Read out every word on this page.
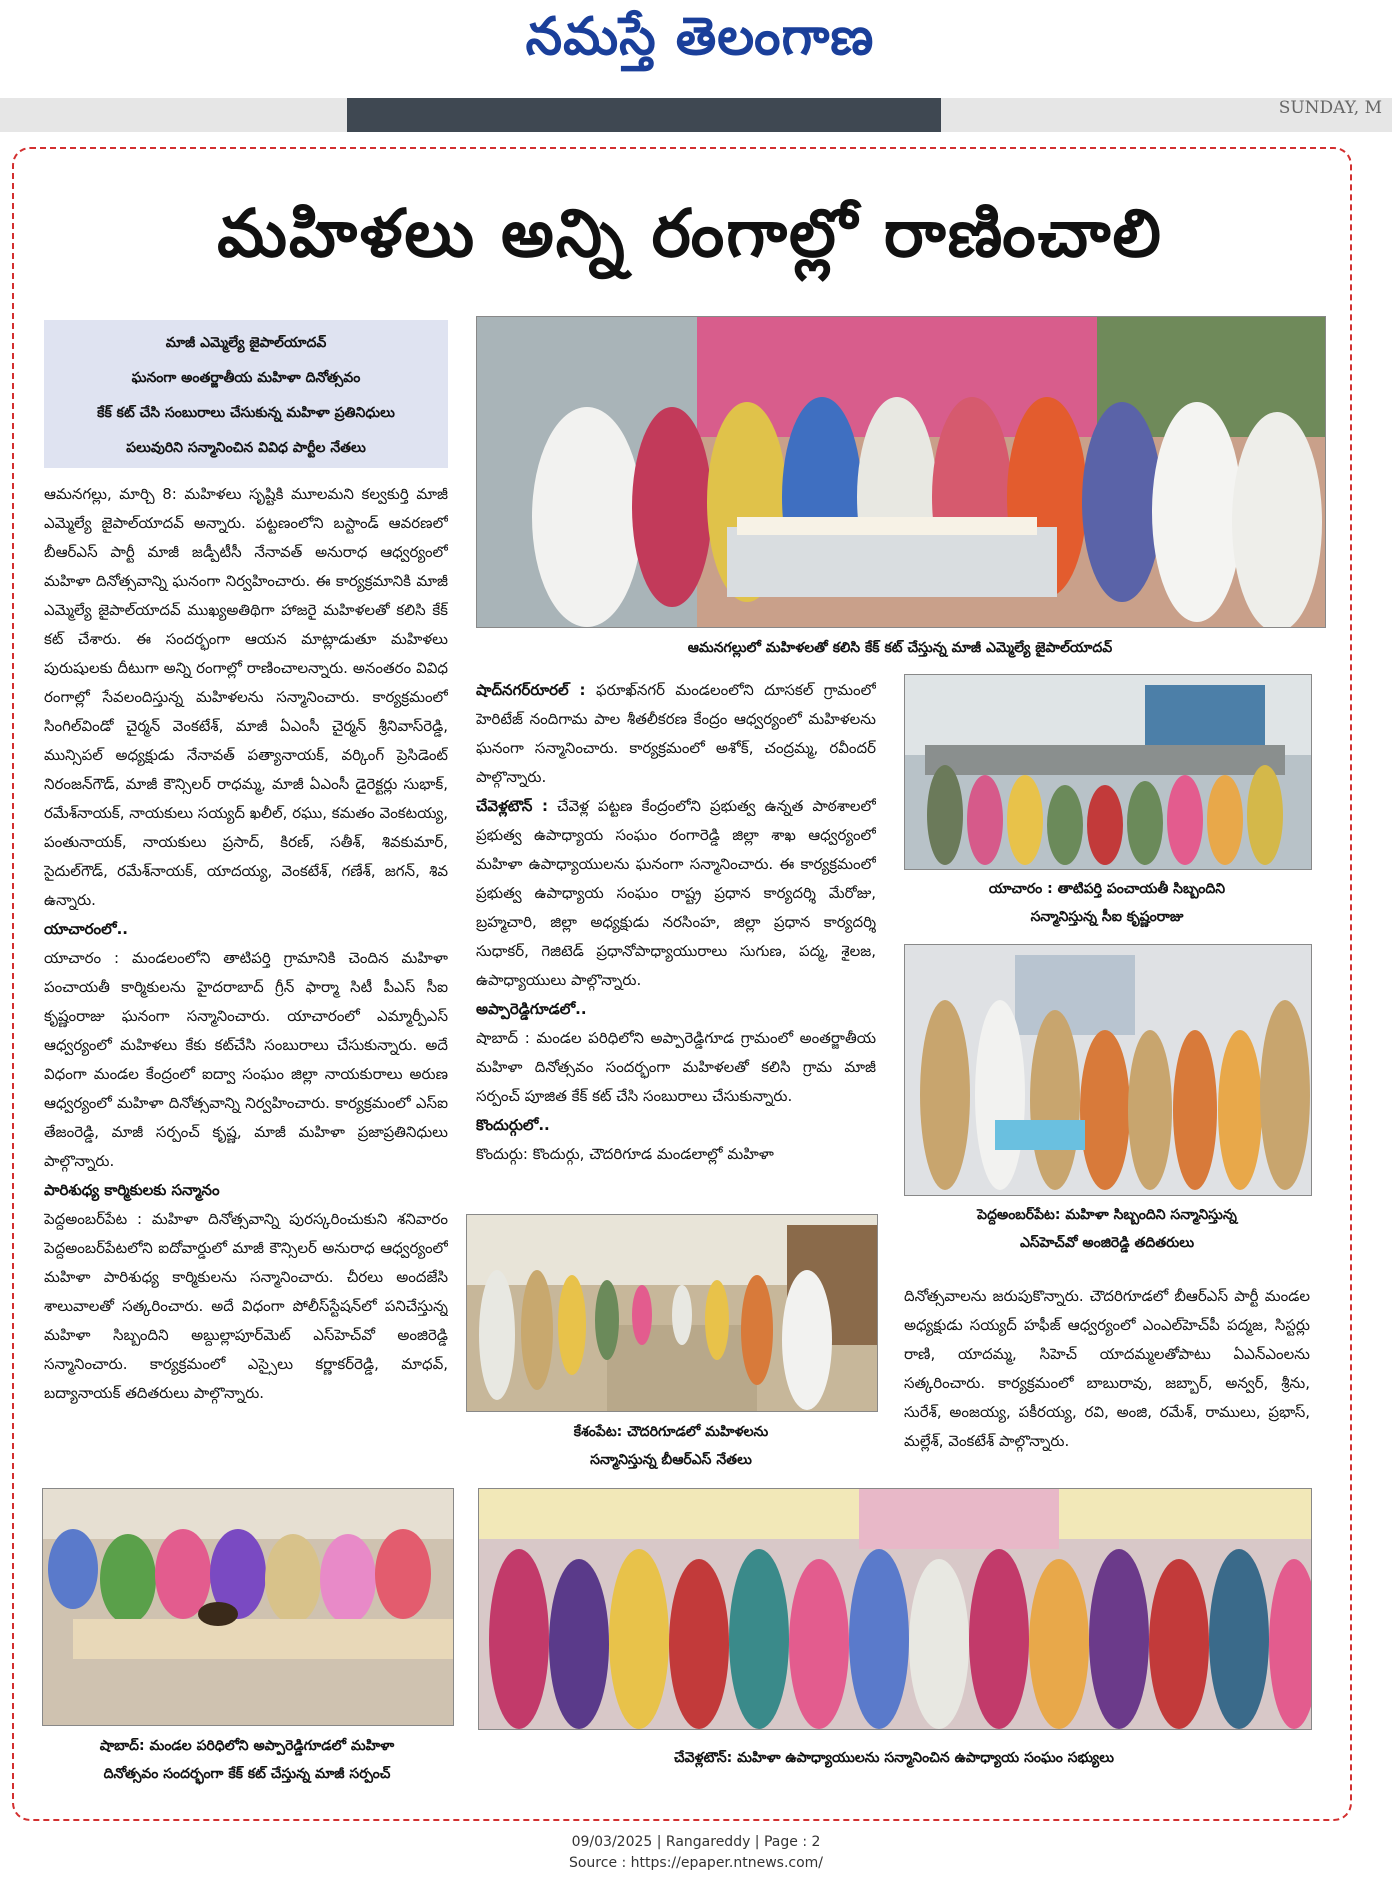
నమస్తే తెలంగాణ
SUNDAY, M
మహిళలు అన్ని రంగాల్లో రాణించాలి
మాజీ ఎమ్మెల్యే జైపాల్‌యాదవ్
ఘనంగా అంతర్జాతీయ మహిళా దినోత్సవం
కేక్ కట్ చేసి సంబురాలు చేసుకున్న మహిళా ప్రతినిధులు
పలువురిని సన్మానించిన వివిధ పార్టీల నేతలు

ఆమనగల్లు, మార్చి 8: మహిళలు సృష్టికి మూలమని కల్వకుర్తి మాజీ ఎమ్మెల్యే జైపాల్‌యాదవ్ అన్నారు. పట్టణంలోని బస్టాండ్ ఆవరణలో బీఆర్‌ఎస్ పార్టీ మాజీ జడ్పీటీసీ నేనావత్ అనురాధ ఆధ్వర్యంలో మహిళా దినోత్సవాన్ని ఘనంగా నిర్వహించారు. ఈ కార్యక్రమానికి మాజీ ఎమ్మెల్యే జైపాల్‌యాదవ్ ముఖ్యఅతిథిగా హాజరై మహిళలతో కలిసి కేక్ కట్ చేశారు. ఈ సందర్భంగా ఆయన మాట్లాడుతూ మహిళలు పురుషులకు దీటుగా అన్ని రంగాల్లో రాణించాలన్నారు. అనంతరం వివిధ రంగాల్లో సేవలందిస్తున్న మహిళలను సన్మానించారు. కార్యక్రమంలో సింగిల్‌విండో చైర్మన్ వెంకటేశ్, మాజీ ఏఎంసీ చైర్మన్ శ్రీనివాస్‌రెడ్డి, మున్సిపల్ అధ్యక్షుడు నేనావత్ పత్యానాయక్, వర్కింగ్ ప్రెసిడెంట్ నిరంజన్‌గౌడ్, మాజీ కౌన్సిలర్ రాధమ్మ, మాజీ ఏఎంసీ డైరెక్టర్లు సుభాక్, రమేశ్‌నాయక్, నాయకులు సయ్యద్ ఖలీల్, రఘు, కమతం వెంకటయ్య, పంతునాయక్, నాయకులు ప్రసాద్, కిరణ్, సతీశ్, శివకుమార్, సైదుల్‌గౌడ్, రమేశ్‌నాయక్, యాదయ్య, వెంకటేశ్, గణేశ్, జగన్, శివ ఉన్నారు.

యాచారంలో..

యాచారం : మండలంలోని తాటిపర్తి గ్రామానికి చెందిన మహిళా పంచాయతీ కార్మికులను హైదరాబాద్ గ్రీన్ ఫార్మా సిటీ పీఎస్ సీఐ కృష్ణంరాజు ఘనంగా సన్మానించారు. యాచారంలో ఎమ్మార్పీఎస్ ఆధ్వర్యంలో మహిళలు కేకు కట్‌చేసి సంబురాలు చేసుకున్నారు. అదే విధంగా మండల కేంద్రంలో ఐద్వా సంఘం జిల్లా నాయకురాలు అరుణ ఆధ్వర్యంలో మహిళా దినోత్సవాన్ని నిర్వహించారు. కార్యక్రమంలో ఎస్‌ఐ తేజంరెడ్డి, మాజీ సర్పంచ్ కృష్ణ, మాజీ మహిళా ప్రజాప్రతినిధులు పాల్గొన్నారు.

పారిశుధ్య కార్మికులకు సన్మానం

పెద్దఅంబర్‌పేట : మహిళా దినోత్సవాన్ని పురస్కరించుకుని శనివారం పెద్దఅంబర్‌పేటలోని ఐదోవార్డులో మాజీ కౌన్సిలర్ అనురాధ ఆధ్వర్యంలో మహిళా పారిశుధ్య కార్మికులను సన్మానించారు. చీరలు అందజేసి శాలువాలతో సత్కరించారు. అదే విధంగా పోలీస్‌స్టేషన్‌లో పనిచేస్తున్న మహిళా సిబ్బందిని అబ్దుల్లాపూర్‌మెట్ ఎస్‌హెచ్‌వో అంజిరెడ్డి సన్మానించారు. కార్యక్రమంలో ఎస్సైలు కర్ణాకర్‌రెడ్డి, మాధవ్, బద్యానాయక్ తదితరులు పాల్గొన్నారు.

ఆమనగల్లులో మహిళలతో కలిసి కేక్ కట్ చేస్తున్న మాజీ ఎమ్మెల్యే జైపాల్‌యాదవ్

షాద్‌నగర్‌రూరల్ : ఫరూఖ్‌నగర్ మండలంలోని దూసకల్ గ్రామంలో హెరిటేజ్ నందిగామ పాల శీతలీకరణ కేంద్రం ఆధ్వర్యంలో మహిళలను ఘనంగా సన్మానించారు. కార్యక్రమంలో అశోక్, చంద్రమ్మ, రవీందర్ పాల్గొన్నారు.

చేవెళ్లటౌన్ : చేవెళ్ల పట్టణ కేంద్రంలోని ప్రభుత్వ ఉన్నత పాఠశాలలో ప్రభుత్వ ఉపాధ్యాయ సంఘం రంగారెడ్డి జిల్లా శాఖ ఆధ్వర్యంలో మహిళా ఉపాధ్యాయులను ఘనంగా సన్మానించారు. ఈ కార్యక్రమంలో ప్రభుత్వ ఉపాధ్యాయ సంఘం రాష్ట్ర ప్రధాన కార్యదర్శి మేరోజు, బ్రహ్మచారి, జిల్లా అధ్యక్షుడు నరసింహ, జిల్లా ప్రధాన కార్యదర్శి సుధాకర్, గెజిటెడ్ ప్రధానోపాధ్యాయురాలు సుగుణ, పద్మ, శైలజ, ఉపాధ్యాయులు పాల్గొన్నారు.

అప్పారెడ్డిగూడలో..

షాబాద్ : మండల పరిధిలోని అప్పారెడ్డిగూడ గ్రామంలో అంతర్జాతీయ మహిళా దినోత్సవం సందర్భంగా మహిళలతో కలిసి గ్రామ మాజీ సర్పంచ్ పూజిత కేక్ కట్ చేసి సంబురాలు చేసుకున్నారు.

కొందుర్గులో..

కొందుర్గు: కొందుర్గు, చౌదరిగూడ మండలాల్లో మహిళా

యాచారం : తాటిపర్తి పంచాయతీ సిబ్బందిని
సన్మానిస్తున్న సీఐ కృష్ణంరాజు
పెద్దఅంబర్‌పేట: మహిళా సిబ్బందిని సన్మానిస్తున్న
ఎస్‌హెచ్‌వో అంజిరెడ్డి తదితరులు
కేశంపేట: చౌదరిగూడలో మహిళలను
సన్మానిస్తున్న బీఆర్‌ఎస్ నేతలు

దినోత్సవాలను జరుపుకొన్నారు. చౌదరిగూడలో బీఆర్‌ఎస్ పార్టీ మండల అధ్యక్షుడు సయ్యద్ హఫీజ్ ఆధ్వర్యంలో ఎంఎల్‌హెచ్‌పీ పద్మజ, సిస్టర్లు రాణి, యాదమ్మ, సిహెచ్ యాదమ్మలతోపాటు ఏఎన్‌ఎంలను సత్కరించారు. కార్యక్రమంలో బాబురావు, జబ్బార్, అన్వర్, శ్రీను, సురేశ్, అంజయ్య, పకీరయ్య, రవి, అంజి, రమేశ్, రాములు, ప్రభాస్, మల్లేశ్, వెంకటేశ్ పాల్గొన్నారు.

షాబాద్: మండల పరిధిలోని అప్పారెడ్డిగూడలో మహిళా
దినోత్సవం సందర్భంగా కేక్ కట్ చేస్తున్న మాజీ సర్పంచ్
చేవెళ్లటౌన్: మహిళా ఉపాధ్యాయులను సన్మానించిన ఉపాధ్యాయ సంఘం సభ్యులు
09/03/2025 | Rangareddy | Page : 2
Source : https://epaper.ntnews.com/
